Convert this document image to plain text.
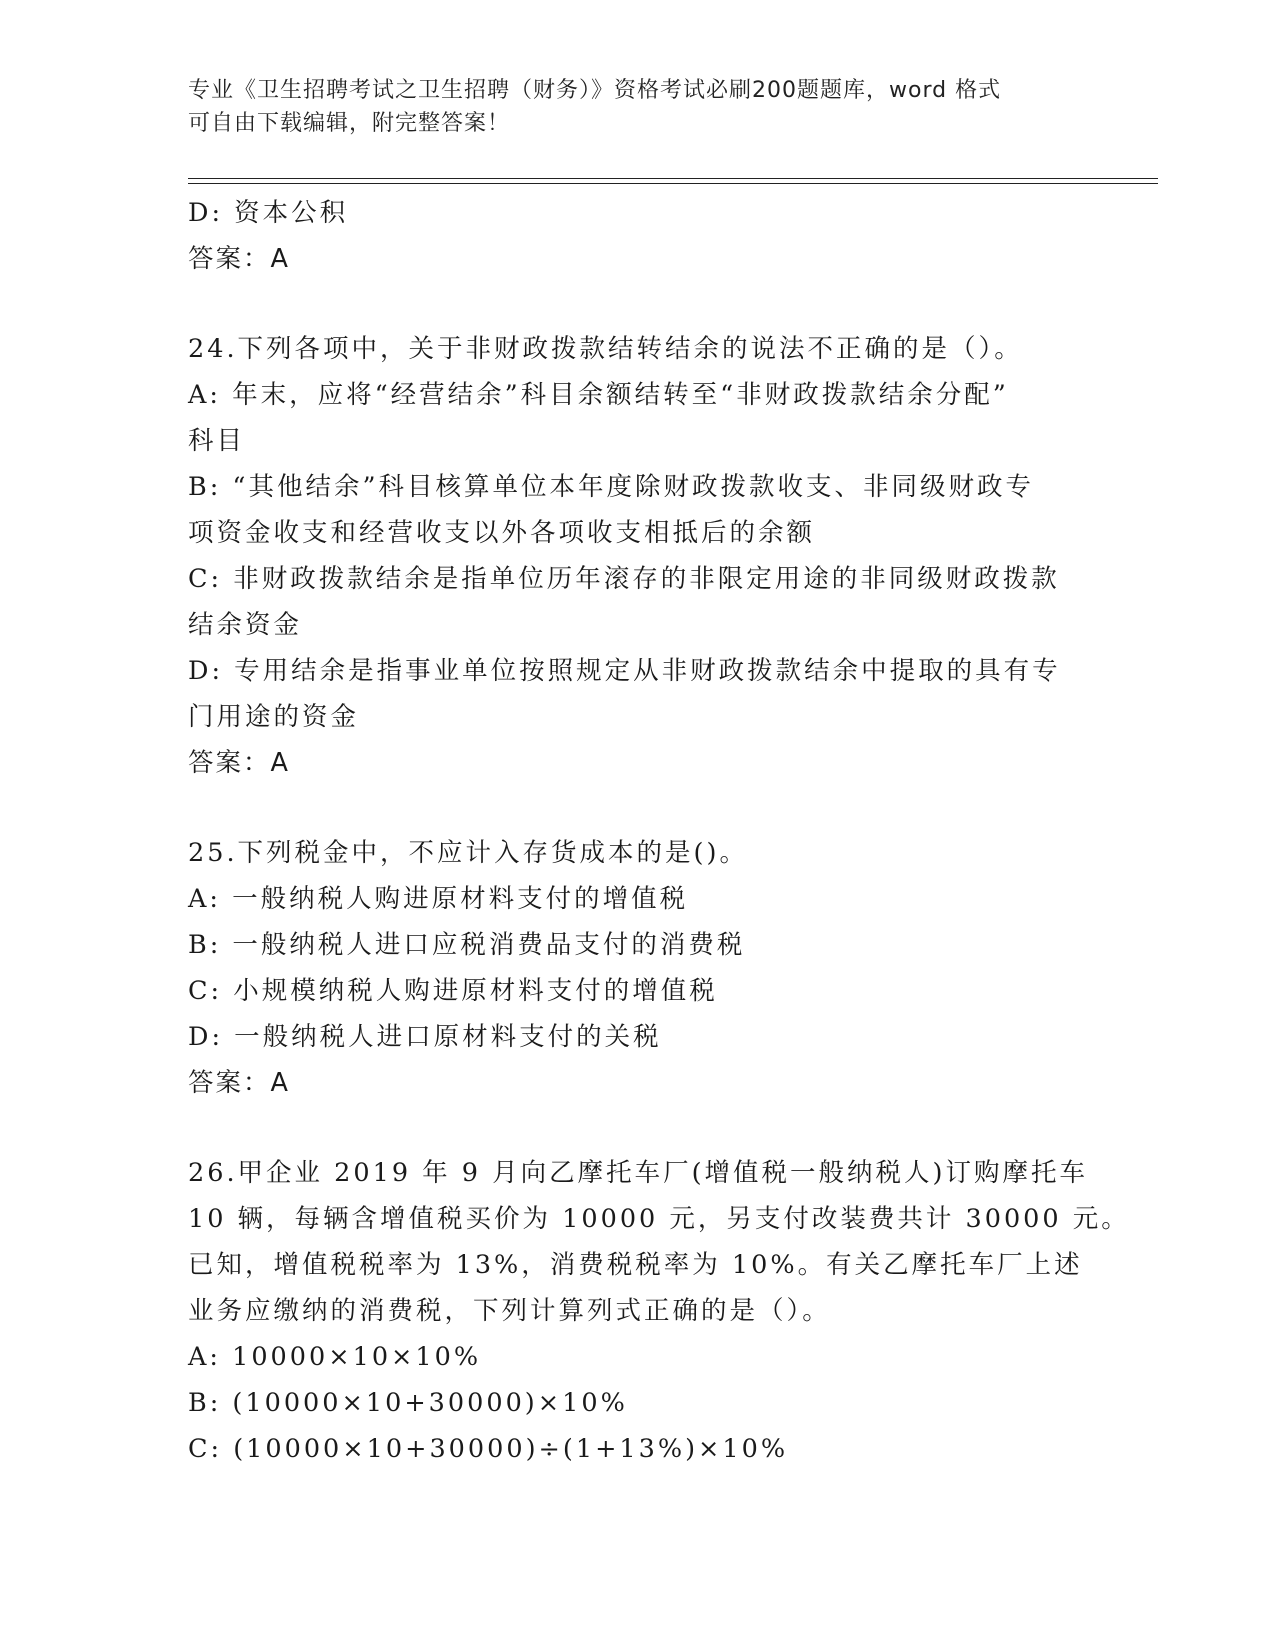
专业《卫生招聘考试之卫生招聘（财务）》资格考试必刷200题题库，word 格式
可自由下载编辑，附完整答案！
D: 资本公积
答案：A
24.下列各项中，关于非财政拨款结转结余的说法不正确的是（）。
A: 年末，应将“经营结余”科目余额结转至“非财政拨款结余分配”
科目
B: “其他结余”科目核算单位本年度除财政拨款收支、非同级财政专
项资金收支和经营收支以外各项收支相抵后的余额
C: 非财政拨款结余是指单位历年滚存的非限定用途的非同级财政拨款
结余资金
D: 专用结余是指事业单位按照规定从非财政拨款结余中提取的具有专
门用途的资金
答案：A
25.下列税金中，不应计入存货成本的是()。
A: 一般纳税人购进原材料支付的增值税
B: 一般纳税人进口应税消费品支付的消费税
C: 小规模纳税人购进原材料支付的增值税
D: 一般纳税人进口原材料支付的关税
答案：A
26.甲企业 2019 年 9 月向乙摩托车厂(增值税一般纳税人)订购摩托车
10 辆，每辆含增值税买价为 10000 元，另支付改装费共计 30000 元。
已知，增值税税率为 13%，消费税税率为 10%。有关乙摩托车厂上述
业务应缴纳的消费税，下列计算列式正确的是（）。
A: 10000×10×10%
B: (10000×10+30000)×10%
C: (10000×10+30000)÷(1+13%)×10%
